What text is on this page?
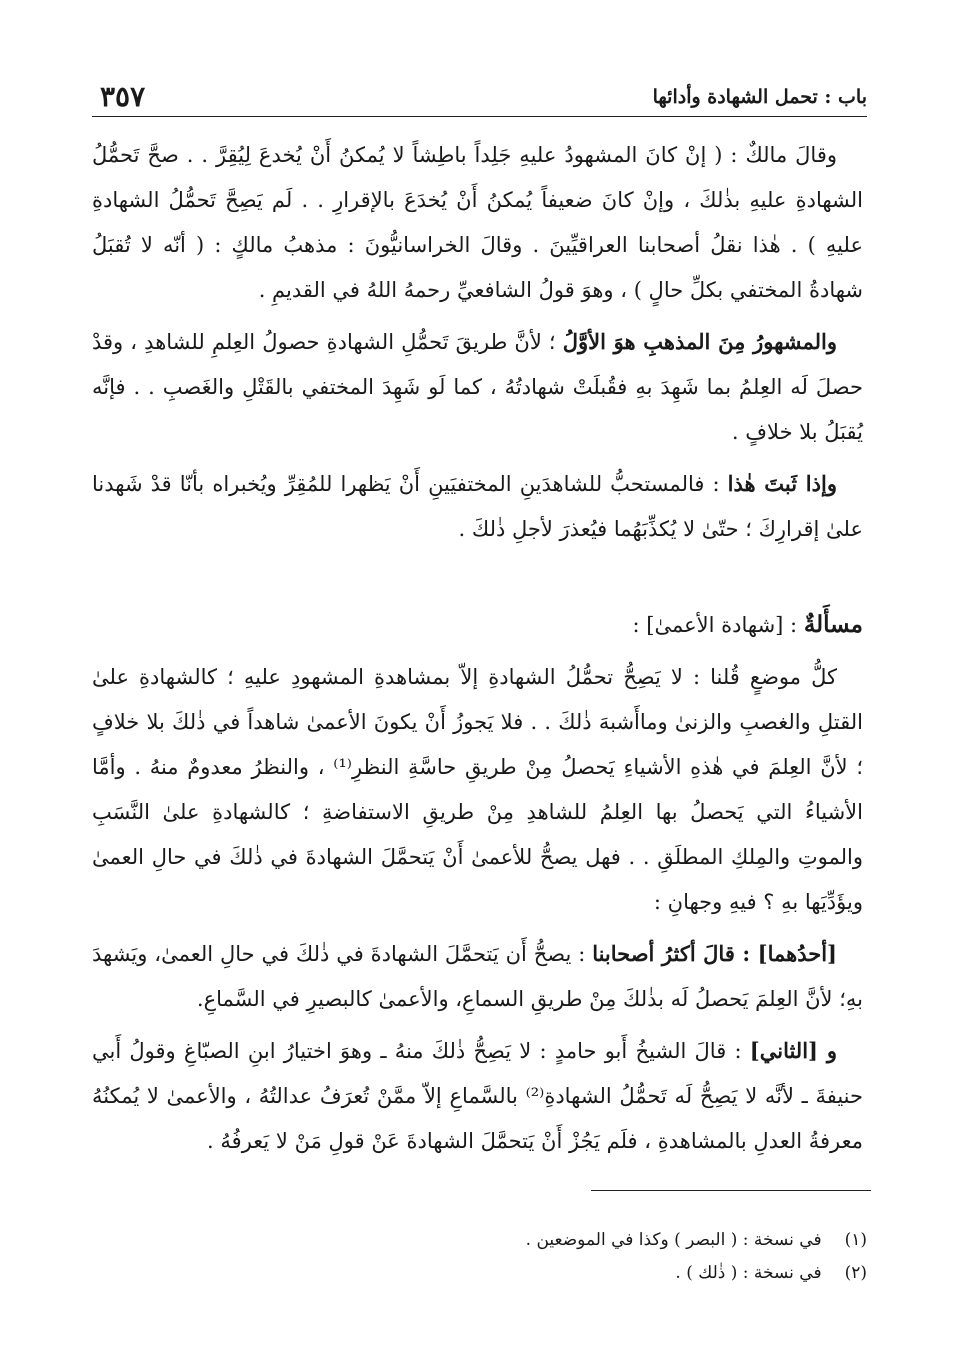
باب : تحمل الشهادة وأدائها
٣٥٧

وقالَ مالكٌ : ( إنْ كانَ المشهودُ عليهِ جَلِداً باطِشاً لا يُمكنُ أَنْ يُخدعَ لِيُقِرَّ . . صحَّ تَحمُّلُ الشهادةِ عليهِ بذٰلكَ ، وإنْ كانَ ضعيفاً يُمكنُ أَنْ يُخدَعَ بالإقرارِ . . لَم يَصِحَّ تَحمُّلُ الشهادةِ عليهِ ) . هٰذا نقلُ أصحابنا العراقيِّينَ . وقالَ الخراسانيُّونَ : مذهبُ مالكٍ : ( أنّه لا تُقبَلُ شهادةُ المختفي بكلِّ حالٍ ) ، وهوَ قولُ الشافعيِّ رحمهُ اللهُ في القديمِ .

والمشهورُ مِنَ المذهبِ هوَ الأوَّلُ ؛ لأنَّ طريقَ تَحمُّلِ الشهادةِ حصولُ العِلمِ للشاهدِ ، وقدْ حصلَ لَه العِلمُ بما شَهِدَ بهِ فقُبلَتْ شهادتُهُ ، كما لَو شَهِدَ المختفي بالقَتْلِ والغَصبِ . . فإنَّه يُقبَلُ بلا خلافٍ .

وإذا ثَبتَ هٰذا : فالمستحبُّ للشاهدَينِ المختفيَينِ أَنْ يَظهرا للمُقِرِّ ويُخبراه بأنّا قدْ شَهدنا علىٰ إقرارِكَ ؛ حتّىٰ لا يُكذِّبَهُما فيُعذرَ لأجلِ ذٰلكَ .

مسأَلةٌ : [شهادة الأعمىٰ] :

كلُّ موضعٍ قُلنا : لا يَصِحُّ تحمُّلُ الشهادةِ إلاّ بمشاهدةِ المشهودِ عليهِ ؛ كالشهادةِ علىٰ القتلِ والغصبِ والزنىٰ وماأَشبهَ ذٰلكَ . . فلا يَجوزُ أَنْ يكونَ الأعمىٰ شاهداً في ذٰلكَ بلا خلافٍ ؛ لأنَّ العِلمَ في هٰذهِ الأشياءِ يَحصلُ مِنْ طريقِ حاسَّةِ النظرِ⁽¹⁾ ، والنظرُ معدومٌ منهُ . وأمَّا الأشياءُ التي يَحصلُ بها العِلمُ للشاهدِ مِنْ طريقِ الاستفاضةِ ؛ كالشهادةِ علىٰ النَّسَبِ والموتِ والمِلكِ المطلَقِ . . فهل يصحُّ للأعمىٰ أَنْ يَتحمَّلَ الشهادةَ في ذٰلكَ في حالِ العمىٰ ويؤَدِّيَها بهِ ؟ فيهِ وجهانِ :

[أحدُهما] : قالَ أكثرُ أصحابنا : يصحُّ أَن يَتحمَّلَ الشهادةَ في ذٰلكَ في حالِ العمىٰ، ويَشهدَ بهِ؛ لأنَّ العِلمَ يَحصلُ لَه بذٰلكَ مِنْ طريقِ السماعِ، والأعمىٰ كالبصيرِ في السَّماعِ.

و [الثاني] : قالَ الشيخُ أَبو حامدٍ : لا يَصِحُّ ذٰلكَ منهُ ـ وهوَ اختيارُ ابنِ الصبّاغِ وقولُ أَبي حنيفةَ ـ لأنَّه لا يَصِحُّ لَه تَحمُّلُ الشهادةِ⁽²⁾ بالسَّماعِ إلاّ ممَّنْ تُعرَفُ عدالتُهُ ، والأعمىٰ لا يُمكنُهُ معرفةُ العدلِ بالمشاهدةِ ، فلَم يَجُزْ أَنْ يَتحمَّلَ الشهادةَ عَنْ قولِ مَنْ لا يَعرفُهُ .

(١) في نسخة : ( البصر ) وكذا في الموضعين .
(٢) في نسخة : ( ذٰلك ) .
